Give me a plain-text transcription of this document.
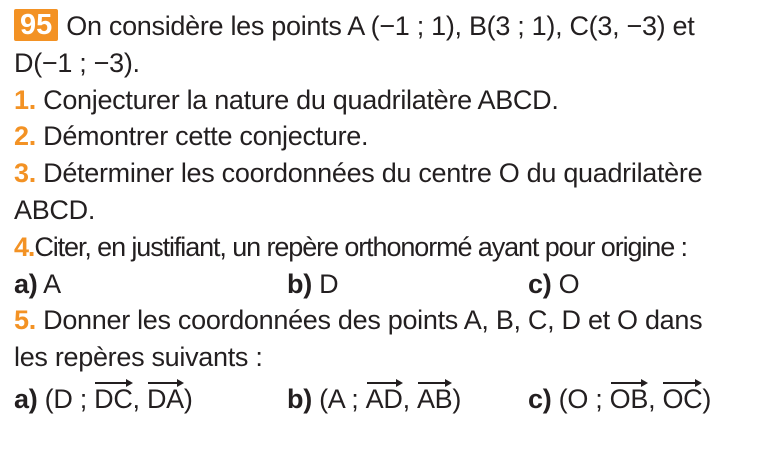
95 On considère les points A (−1 ; 1), B(3 ; 1), C(3, −3) et
D(−1 ; −3).
1. Conjecturer la nature du quadrilatère ABCD.
2. Démontrer cette conjecture.
3. Déterminer les coordonnées du centre O du quadrilatère
ABCD.
4.Citer, en justifiant, un repère orthonormé ayant pour origine :
a) A	b) D	c) O
5. Donner les coordonnées des points A, B, C, D et O dans
les repères suivants :
a) (D ; DC, DA)	b) (A ; AD, AB)	c) (O ; OB, OC)
